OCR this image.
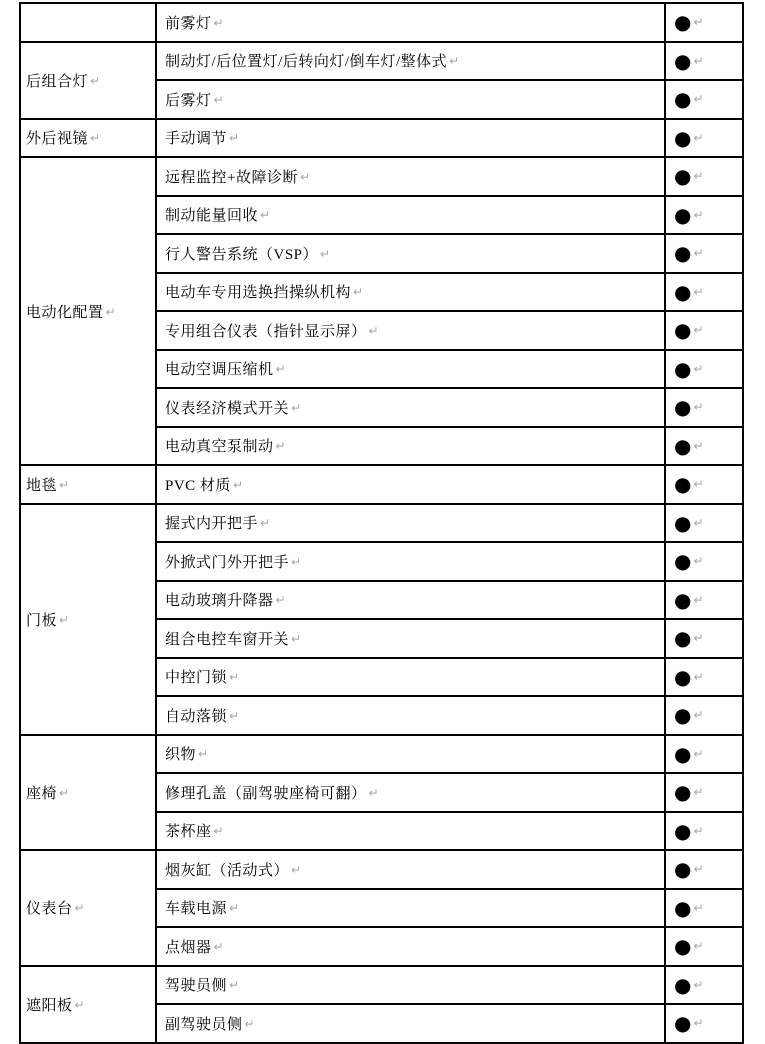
	前雾灯 ↵	● ↵
后组合灯 ↵	制动灯/后位置灯/后转向灯/倒车灯/整体式 ↵	● ↵
	后雾灯 ↵	● ↵
外后视镜 ↵	手动调节 ↵	● ↵
电动化配置 ↵	远程监控+故障诊断 ↵	● ↵
	制动能量回收 ↵	● ↵
	行人警告系统（VSP） ↵	● ↵
	电动车专用选换挡操纵机构 ↵	● ↵
	专用组合仪表（指针显示屏） ↵	● ↵
	电动空调压缩机 ↵	● ↵
	仪表经济模式开关 ↵	● ↵
	电动真空泵制动 ↵	● ↵
地毯 ↵	PVC 材质 ↵	● ↵
门板 ↵	握式内开把手 ↵	● ↵
	外掀式门外开把手 ↵	● ↵
	电动玻璃升降器 ↵	● ↵
	组合电控车窗开关 ↵	● ↵
	中控门锁 ↵	● ↵
	自动落锁 ↵	● ↵
座椅 ↵	织物 ↵	● ↵
	修理孔盖（副驾驶座椅可翻） ↵	● ↵
	茶杯座 ↵	● ↵
仪表台 ↵	烟灰缸（活动式） ↵	● ↵
	车载电源 ↵	● ↵
	点烟器 ↵	● ↵
遮阳板 ↵	驾驶员侧 ↵	● ↵
	副驾驶员侧 ↵	● ↵
